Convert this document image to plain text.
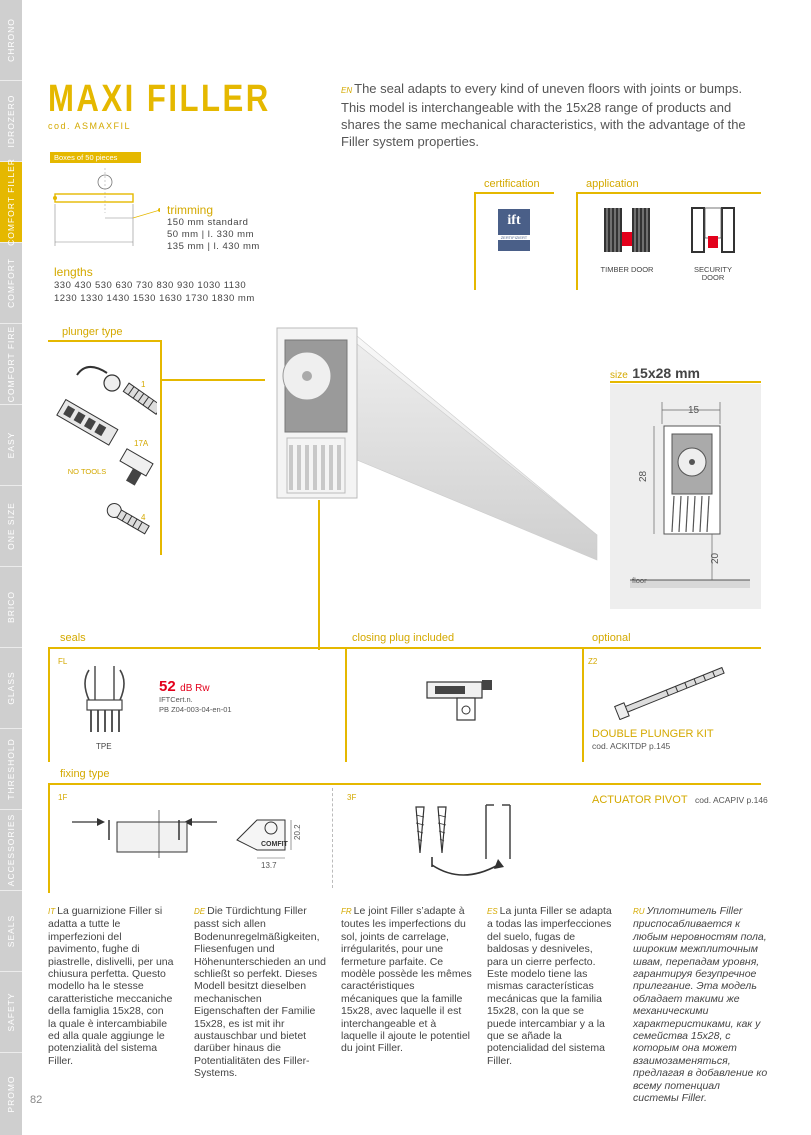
CHRONO
IDROZERO
COMFORT FILLER
COMFORT
COMFORT FIRE
EASY
ONE SIZE
BRICO
GLASS
THRESHOLD
ACCESSORIES
SEALS
SAFETY
PROMO
MAXI FILLER
cod. ASMAXFIL
EN The seal adapts to every kind of uneven floors with joints or bumps. This model is interchangeable with the 15x28 range of products and shares the same mechanical characteristics, with the advantage of the Filler system properties.
Boxes of 50 pieces
trimming
150 mm standard
50 mm | l. 330 mm
135 mm | l. 430 mm
lengths
330 430 530 630 730 830 930 1030 1130
1230 1330 1430 1530 1630 1730 1830 mm
certification
ift
ZERTIFIZIERT
application
TIMBER DOOR	SECURITY DOOR
plunger type
1
17A
NO TOOLS
4
size 15x28 mm
15
28
20
floor
seals
FL
TPE
52 dB Rw
IFTCert.n.
PB Z04-003-04-en-01
closing plug included	optional
Z2
DOUBLE PLUNGER KIT
cod. ACKITDP p.145
ACTUATOR PIVOT cod. ACAPIV p.146
fixing type
1F	3F
COMFIT
20.2
13.7
IT La guarnizione Filler si adatta a tutte le imperfezioni del pavimento, fughe di piastrelle, dislivelli, per una chiusura perfetta. Questo modello ha le stesse caratteristiche meccaniche della famiglia 15x28, con la quale è intercambiabile ed alla quale aggiunge le potenzialità del sistema Filler.
DE Die Türdichtung Filler passt sich allen Bodenunregelmäßigkeiten, Fliesenfugen und Höhenunterschieden an und schließt so perfekt. Dieses Modell besitzt dieselben mechanischen Eigenschaften der Familie 15x28, es ist mit ihr austauschbar und bietet darüber hinaus die Potentialitäten des Filler-Systems.
FR Le joint Filler s’adapte à toutes les imperfections du sol, joints de carrelage, irrégularités, pour une fermeture parfaite. Ce modèle possède les mêmes caractéristiques mécaniques que la famille 15x28, avec laquelle il est interchangeable et à laquelle il ajoute le potentiel du joint Filler.
ES La junta Filler se adapta a todas las imperfecciones del suelo, fugas de baldosas y desniveles, para un cierre perfecto. Este modelo tiene las mismas características mecánicas que la familia 15x28, con la que se puede intercambiar y a la que se añade la potencialidad del sistema Filler.
RU Уплотнитель Filler приспосабливается к любым неровностям пола, широким межплиточным швам, перепадам уровня, гарантируя безупречное прилегание. Эта модель обладает такими же механическими характеристиками, как у семейства 15x28, с которым она может взаимозаменяться, предлагая в добавление ко всему потенциал системы Filler.
82
